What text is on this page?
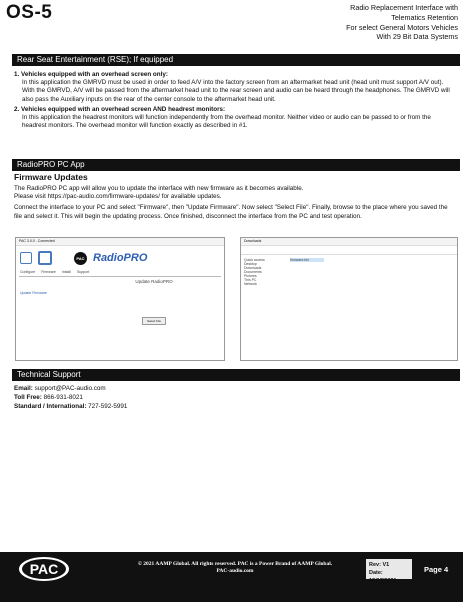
OS-5	Radio Replacement Interface with
Telematics Retention
For select General Motors Vehicles
With 29 Bit Data Systems
Rear Seat Entertainment (RSE); If equipped
1. Vehicles equipped with an overhead screen only:
In this application the GMRVD must be used in order to feed A/V into the factory screen from an aftermarket head unit (head unit must support A/V out). With the GMRVD, A/V will be passed from the aftermarket head unit to the rear screen and audio can be heard through the headphones. The GMRVD will also pass the Auxiliary inputs on the rear of the center console to the aftermarket head unit.
2. Vehicles equipped with an overhead screen AND headrest monitors:
In this application the headrest monitors will function independently from the overhead monitor. Neither video or audio can be passed to or from the headrest monitors. The overhead monitor will function exactly as described in #1.
RadioPRO PC App
Firmware Updates

The RadioPRO PC app will allow you to update the interface with new firmware as it becomes available.
Please visit https://pac-audio.com/firmware-updates/ for available updates.

Connect the interface to your PC and select "Firmware", then "Update Firmware". Now select "Select File". Finally, browse to the place where you saved the file and select it. This will begin the updating process. Once finished, disconnect the interface from the PC and test operation.

PAC 3.0.0 - Connected
PAC RadioPRO
Configure Firmware Install Support
Update Firmware
Update RadioPRO
Select File
Downloads
Quick access
Desktop
Downloads
Documents
Pictures
This PC
Network
firmware.bin
Technical Support
Email: support@PAC-audio.com
Toll Free: 866-931-8021
Standard / International: 727-592-5991
PAC	© 2021 AAMP Global. All rights reserved. PAC is a Power Brand of AAMP Global.
PAC-audio.com
Rev: V1
Date: 12/17/2021
Page 4
